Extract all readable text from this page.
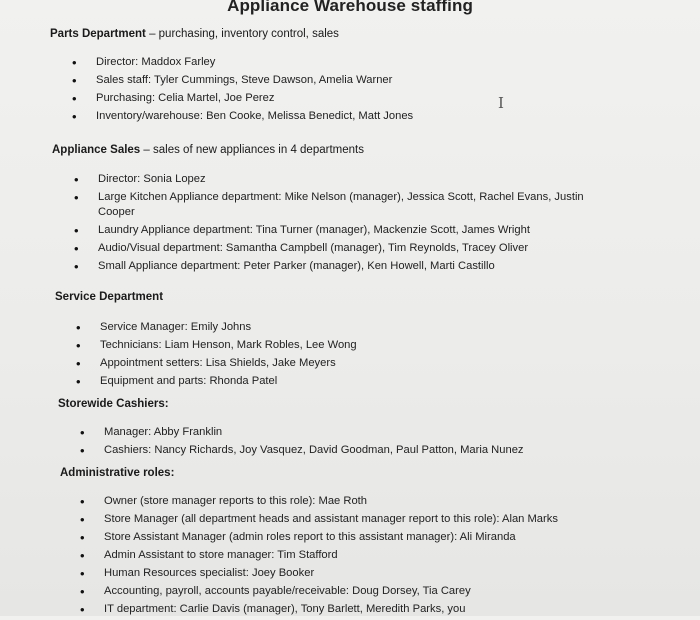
Appliance Warehouse staffing
Parts Department – purchasing, inventory control, sales
• Director: Maddox Farley
• Sales staff: Tyler Cummings, Steve Dawson, Amelia Warner
• Purchasing: Celia Martel, Joe Perez
• Inventory/warehouse: Ben Cooke, Melissa Benedict, Matt Jones
Appliance Sales – sales of new appliances in 4 departments
• Director: Sonia Lopez
• Large Kitchen Appliance department: Mike Nelson (manager), Jessica Scott, Rachel Evans, Justin Cooper
• Laundry Appliance department: Tina Turner (manager), Mackenzie Scott, James Wright
• Audio/Visual department: Samantha Campbell (manager), Tim Reynolds, Tracey Oliver
• Small Appliance department: Peter Parker (manager), Ken Howell, Marti Castillo
Service Department
• Service Manager: Emily Johns
• Technicians: Liam Henson, Mark Robles, Lee Wong
• Appointment setters: Lisa Shields, Jake Meyers
• Equipment and parts: Rhonda Patel
Storewide Cashiers:
• Manager: Abby Franklin
• Cashiers: Nancy Richards, Joy Vasquez, David Goodman, Paul Patton, Maria Nunez
Administrative roles:
• Owner (store manager reports to this role): Mae Roth
• Store Manager (all department heads and assistant manager report to this role): Alan Marks
• Store Assistant Manager (admin roles report to this assistant manager): Ali Miranda
• Admin Assistant to store manager: Tim Stafford
• Human Resources specialist: Joey Booker
• Accounting, payroll, accounts payable/receivable: Doug Dorsey, Tia Carey
• IT department: Carlie Davis (manager), Tony Barlett, Meredith Parks, you
I
